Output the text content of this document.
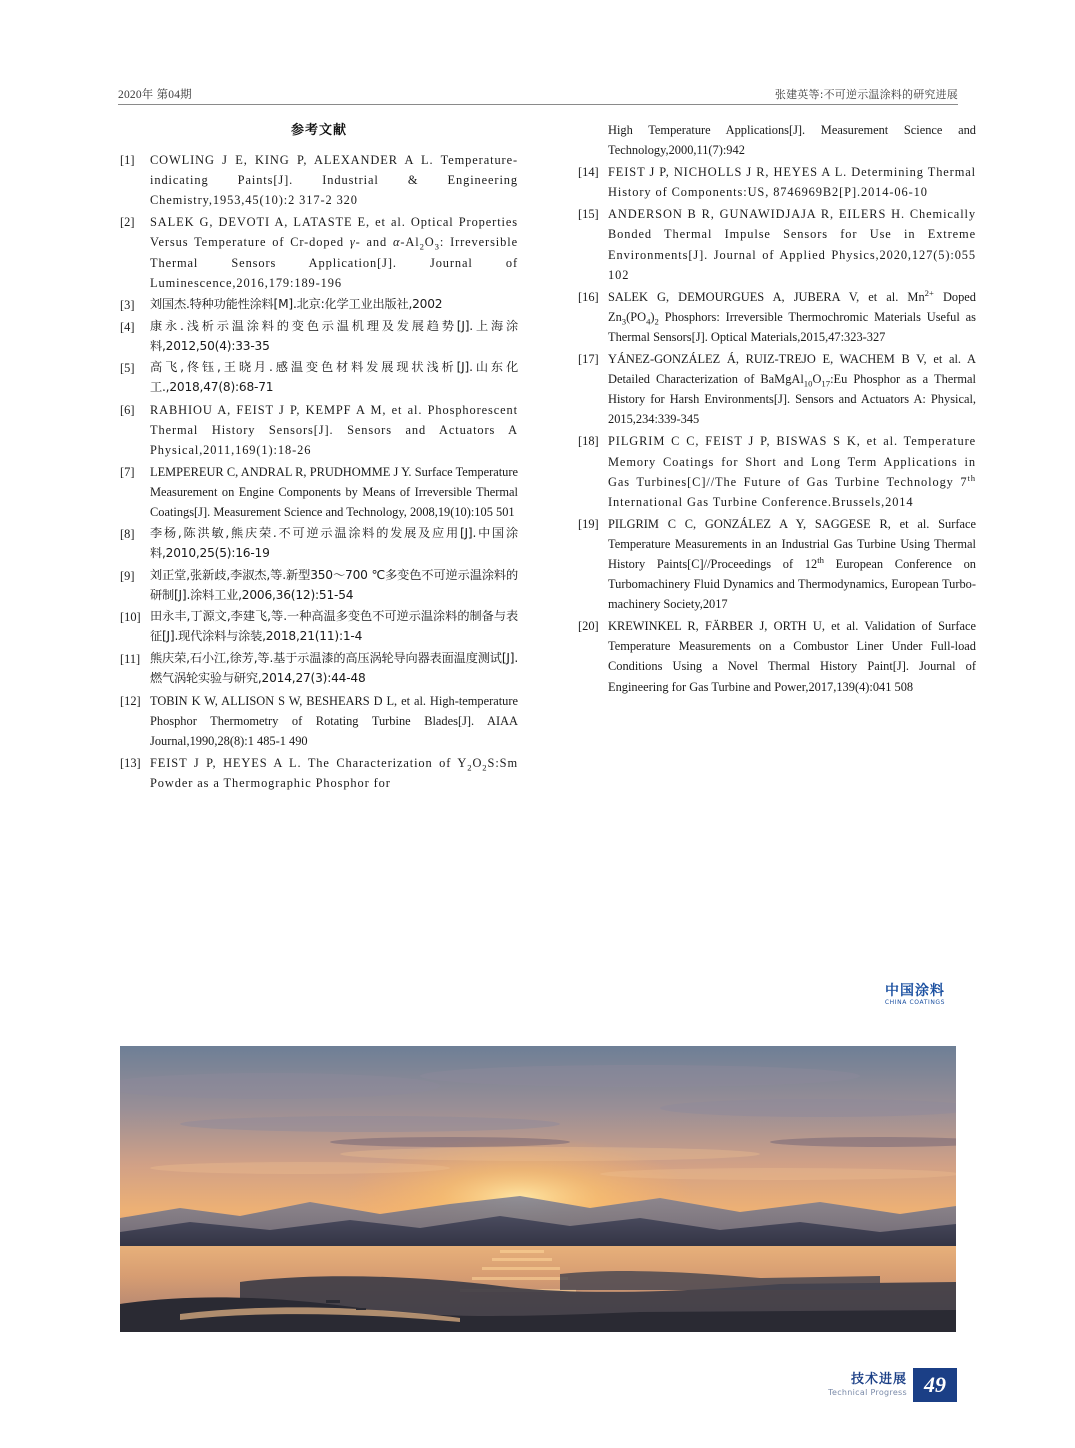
2020年 第04期	张建英等:不可逆示温涂料的研究进展
参考文献
[1]	COWLING J E, KING P, ALEXANDER A L. Temperature-indicating Paints[J]. Industrial & Engineering Chemistry,1953,45(10):2 317-2 320
[2]	SALEK G, DEVOTI A, LATASTE E, et al. Optical Properties Versus Temperature of Cr-doped γ- and $\alpha-Al_2O_3$: Irreversible Thermal Sensors Application[J]. Journal of Luminescence,2016,179:189-196
[3]	刘国杰.特种功能性涂料[M].北京:化学工业出版社,2002
[4]	康永.浅析示温涂料的变色示温机理及发展趋势[J].上海涂料,2012,50(4):33-35
[5]	高飞,佟钰,王晓月.感温变色材料发展现状浅析[J].山东化工.,2018,47(8):68-71
[6]	RABHIOU A, FEIST J P, KEMPF A M, et al. Phosphorescent Thermal History Sensors[J]. Sensors and Actuators A Physical,2011,169(1):18-26
[7]	LEMPEREUR C, ANDRAL R, PRUDHOMME J Y. Surface Temperature Measurement on Engine Components by Means of Irreversible Thermal Coatings[J]. Measurement Science and Technology, 2008,19(10):105 501
[8]	李杨,陈洪敏,熊庆荣.不可逆示温涂料的发展及应用[J].中国涂料,2010,25(5):16-19
[9]	刘正堂,张新歧,李淑杰,等.新型350～700 ℃多变色不可逆示温涂料的研制[J].涂料工业,2006,36(12):51-54
[10] 田永丰,丁源文,李建飞,等.一种高温多变色不可逆示温涂料的制备与表征[J].现代涂料与涂装,2018,21(11):1-4
[11] 熊庆荣,石小江,徐芳,等.基于示温漆的高压涡轮导向器表面温度测试[J].燃气涡轮实验与研究,2014,27(3):44-48
[12] TOBIN K W, ALLISON S W, BESHEARS D L, et al. High-temperature Phosphor Thermometry of Rotating Turbine Blades[J]. AIAA Journal,1990,28(8):1 485-1 490
[13] FEIST J P, HEYES A L. The Characterization of $Y_2O_2S:Sm$ Powder as a Thermographic Phosphor for
High Temperature Applications[J]. Measurement Science and Technology,2000,11(7):942
[14] FEIST J P, NICHOLLS J R, HEYES A L. Determining Thermal History of Components:US, 8746969B2[P].2014-06-10
[15] ANDERSON B R, GUNAWIDJAJA R, EILERS H. Chemically Bonded Thermal Impulse Sensors for Use in Extreme Environments[J]. Journal of Applied Physics,2020,127(5):055 102
[16] SALEK G, DEMOURGUES A, JUBERA V, et al. $Mn^{2+}$ Doped $Zn_3(PO_4)_2$ Phosphors: Irreversible Thermochromic Materials Useful as Thermal Sensors[J]. Optical Materials,2015,47:323-327
[17] YÁNEZ-GONZÁLEZ Á, RUIZ-TREJO E, WACHEM B V, et al. A Detailed Characterization of $BaMgAl_{10}O_{17}:Eu$ Phosphor as a Thermal History for Harsh Environments[J]. Sensors and Actuators A: Physical, 2015,234:339-345
[18] PILGRIM C C, FEIST J P, BISWAS S K, et al. Temperature Memory Coatings for Short and Long Term Applications in Gas Turbines[C]//The Future of Gas Turbine Technology 7th International Gas Turbine Conference.Brussels,2014
[19] PILGRIM C C, GONZÁLEZ A Y, SAGGESE R, et al. Surface Temperature Measurements in an Industrial Gas Turbine Using Thermal History Paints[C]//Proceedings of 12th European Conference on Turbomachinery Fluid Dynamics and Thermodynamics, European Turbo-machinery Society,2017
[20] KREWINKEL R, FÄRBER J, ORTH U, et al. Validation of Surface Temperature Measurements on a Combustor Liner Under Full-load Conditions Using a Novel Thermal History Paint[J]. Journal of Engineering for Gas Turbine and Power,2017,139(4):041 508
中国涂料
CHINA COATINGS
技术进展
Technical Progress 49
